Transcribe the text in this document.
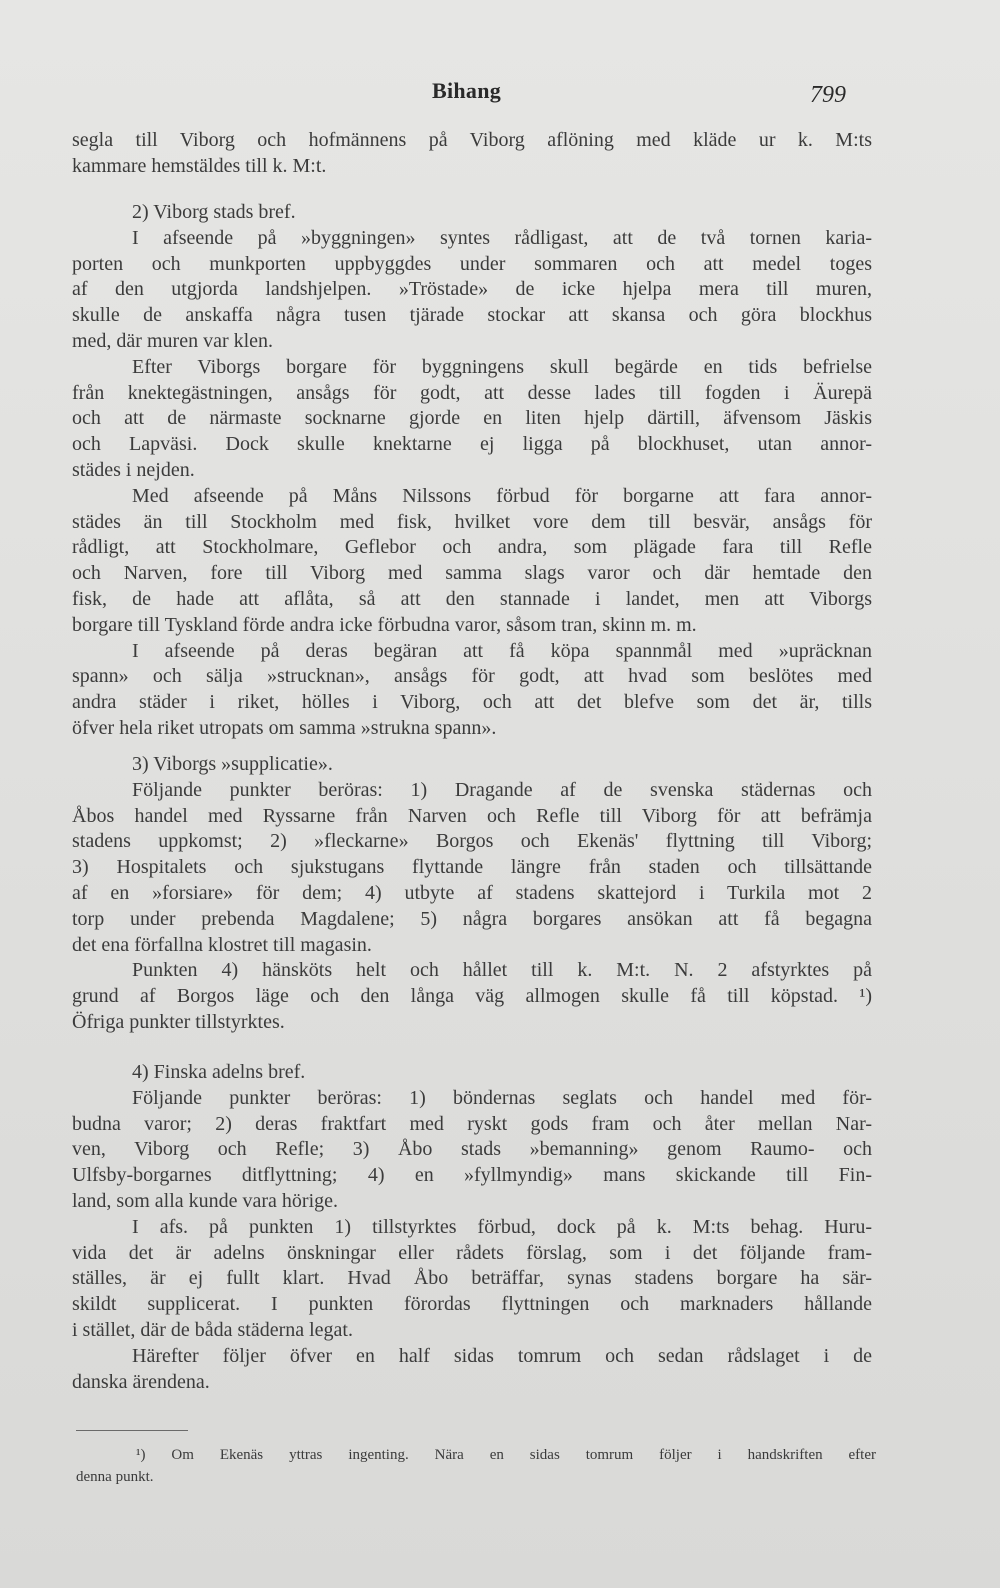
Bihang	799
segla till Viborg och hofmännens på Viborg aflöning med kläde ur k. M:ts
kammare hemstäldes till k. M:t.
2) Viborg stads bref.
I afseende på »byggningen» syntes rådligast, att de två tornen karia-
porten och munkporten uppbyggdes under sommaren och att medel toges
af den utgjorda landshjelpen. »Tröstade» de icke hjelpa mera till muren,
skulle de anskaffa några tusen tjärade stockar att skansa och göra blockhus
med, där muren var klen.
Efter Viborgs borgare för byggningens skull begärde en tids befrielse
från knektegästningen, ansågs för godt, att desse lades till fogden i Äurepä
och att de närmaste socknarne gjorde en liten hjelp därtill, äfvensom Jäskis
och Lapväsi. Dock skulle knektarne ej ligga på blockhuset, utan annor-
städes i nejden.
Med afseende på Måns Nilssons förbud för borgarne att fara annor-
städes än till Stockholm med fisk, hvilket vore dem till besvär, ansågs för
rådligt, att Stockholmare, Geflebor och andra, som plägade fara till Refle
och Narven, fore till Viborg med samma slags varor och där hemtade den
fisk, de hade att aflåta, så att den stannade i landet, men att Viborgs
borgare till Tyskland förde andra icke förbudna varor, såsom tran, skinn m. m.
I afseende på deras begäran att få köpa spannmål med »upräcknan
spann» och sälja »strucknan», ansågs för godt, att hvad som beslötes med
andra städer i riket, hölles i Viborg, och att det blefve som det är, tills
öfver hela riket utropats om samma »strukna spann».
3) Viborgs »supplicatie».
Följande punkter beröras: 1) Dragande af de svenska städernas och
Åbos handel med Ryssarne från Narven och Refle till Viborg för att befrämja
stadens uppkomst; 2) »fleckarne» Borgos och Ekenäs' flyttning till Viborg;
3) Hospitalets och sjukstugans flyttande längre från staden och tillsättande
af en »forsiare» för dem; 4) utbyte af stadens skattejord i Turkila mot 2
torp under prebenda Magdalene; 5) några borgares ansökan att få begagna
det ena förfallna klostret till magasin.
Punkten 4) hänsköts helt och hållet till k. M:t. N. 2 afstyrktes på
grund af Borgos läge och den långa väg allmogen skulle få till köpstad. ¹)
Öfriga punkter tillstyrktes.
4) Finska adelns bref.
Följande punkter beröras: 1) böndernas seglats och handel med för-
budna varor; 2) deras fraktfart med ryskt gods fram och åter mellan Nar-
ven, Viborg och Refle; 3) Åbo stads »bemanning» genom Raumo- och
Ulfsby-borgarnes ditflyttning; 4) en »fyllmyndig» mans skickande till Fin-
land, som alla kunde vara hörige.
I afs. på punkten 1) tillstyrktes förbud, dock på k. M:ts behag. Huru-
vida det är adelns önskningar eller rådets förslag, som i det följande fram-
ställes, är ej fullt klart. Hvad Åbo beträffar, synas stadens borgare ha sär-
skildt supplicerat. I punkten förordas flyttningen och marknaders hållande
i stället, där de båda städerna legat.
Härefter följer öfver en half sidas tomrum och sedan rådslaget i de
danska ärendena.
¹) Om Ekenäs yttras ingenting. Nära en sidas tomrum följer i handskriften efter
denna punkt.
